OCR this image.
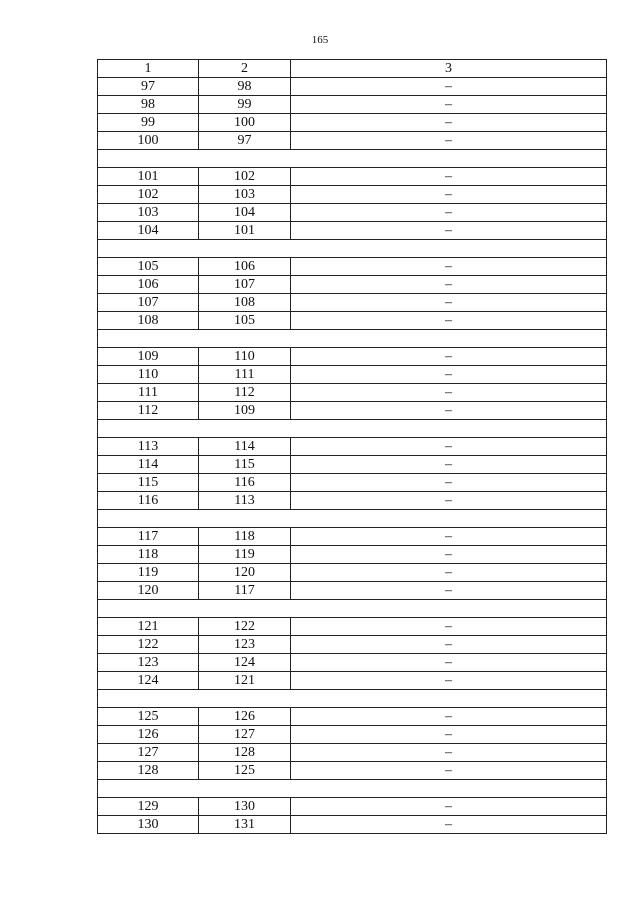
165
1	2	3
97	98	–
98	99	–
99	100	–
100	97	–

101	102	–
102	103	–
103	104	–
104	101	–

105	106	–
106	107	–
107	108	–
108	105	–

109	110	–
110	111	–
111	112	–
112	109	–

113	114	–
114	115	–
115	116	–
116	113	–

117	118	–
118	119	–
119	120	–
120	117	–

121	122	–
122	123	–
123	124	–
124	121	–

125	126	–
126	127	–
127	128	–
128	125	–

129	130	–
130	131	–
